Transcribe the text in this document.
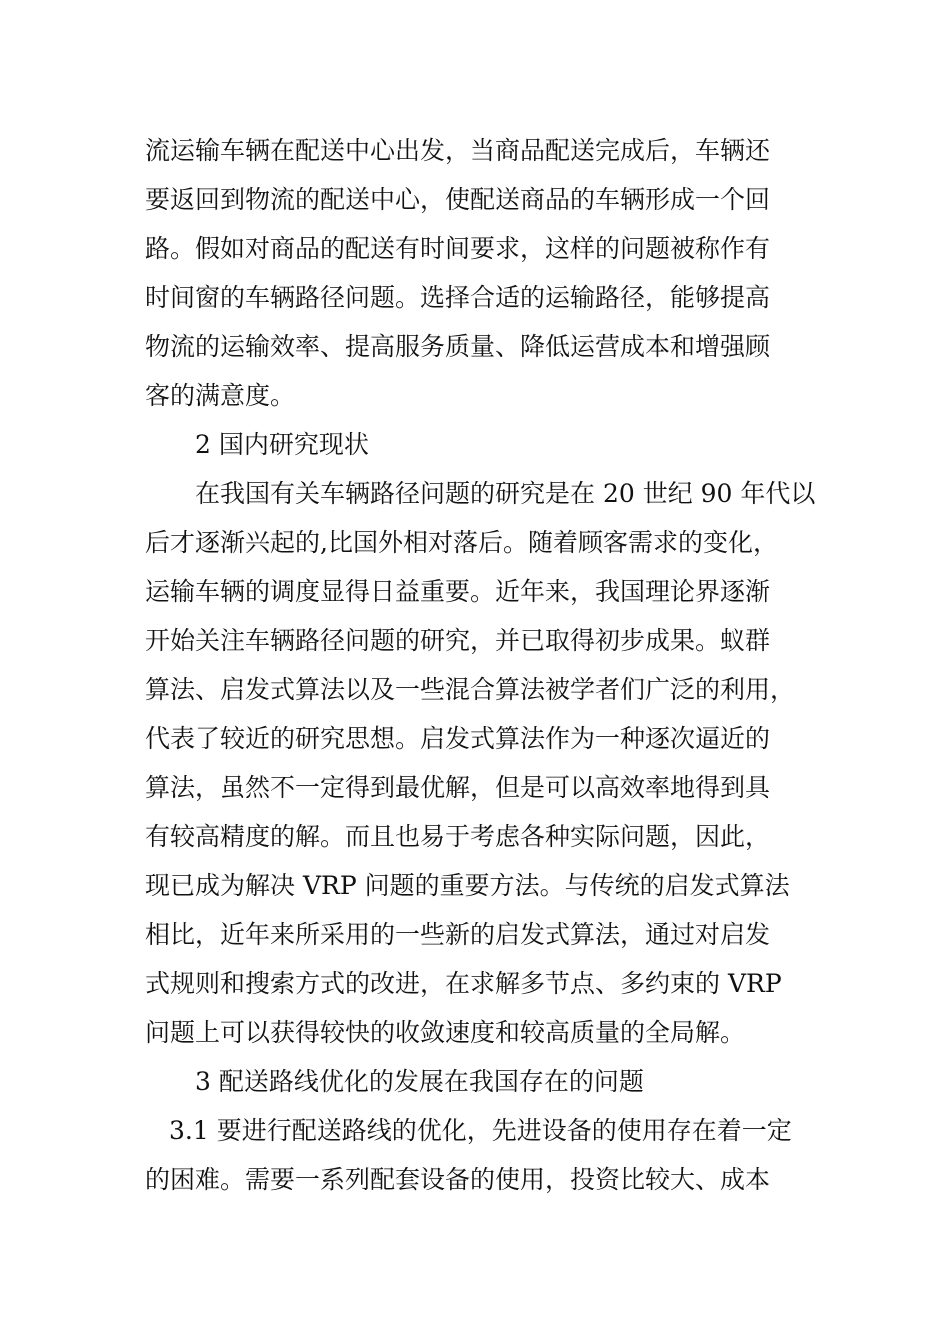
流运输车辆在配送中心出发，当商品配送完成后，车辆还
要返回到物流的配送中心，使配送商品的车辆形成一个回
路。假如对商品的配送有时间要求，这样的问题被称作有
时间窗的车辆路径问题。选择合适的运输路径，能够提高
物流的运输效率、提高服务质量、降低运营成本和增强顾
客的满意度。
2 国内研究现状
在我国有关车辆路径问题的研究是在 20 世纪 90 年代以
后才逐渐兴起的,比国外相对落后。随着顾客需求的变化，
运输车辆的调度显得日益重要。近年来，我国理论界逐渐
开始关注车辆路径问题的研究，并已取得初步成果。蚁群
算法、启发式算法以及一些混合算法被学者们广泛的利用，
代表了较近的研究思想。启发式算法作为一种逐次逼近的
算法，虽然不一定得到最优解，但是可以高效率地得到具
有较高精度的解。而且也易于考虑各种实际问题，因此，
现已成为解决 VRP 问题的重要方法。与传统的启发式算法
相比，近年来所采用的一些新的启发式算法，通过对启发
式规则和搜索方式的改进，在求解多节点、多约束的 VRP
问题上可以获得较快的收敛速度和较高质量的全局解。
3 配送路线优化的发展在我国存在的问题
3.1 要进行配送路线的优化，先进设备的使用存在着一定
的困难。需要一系列配套设备的使用，投资比较大、成本
